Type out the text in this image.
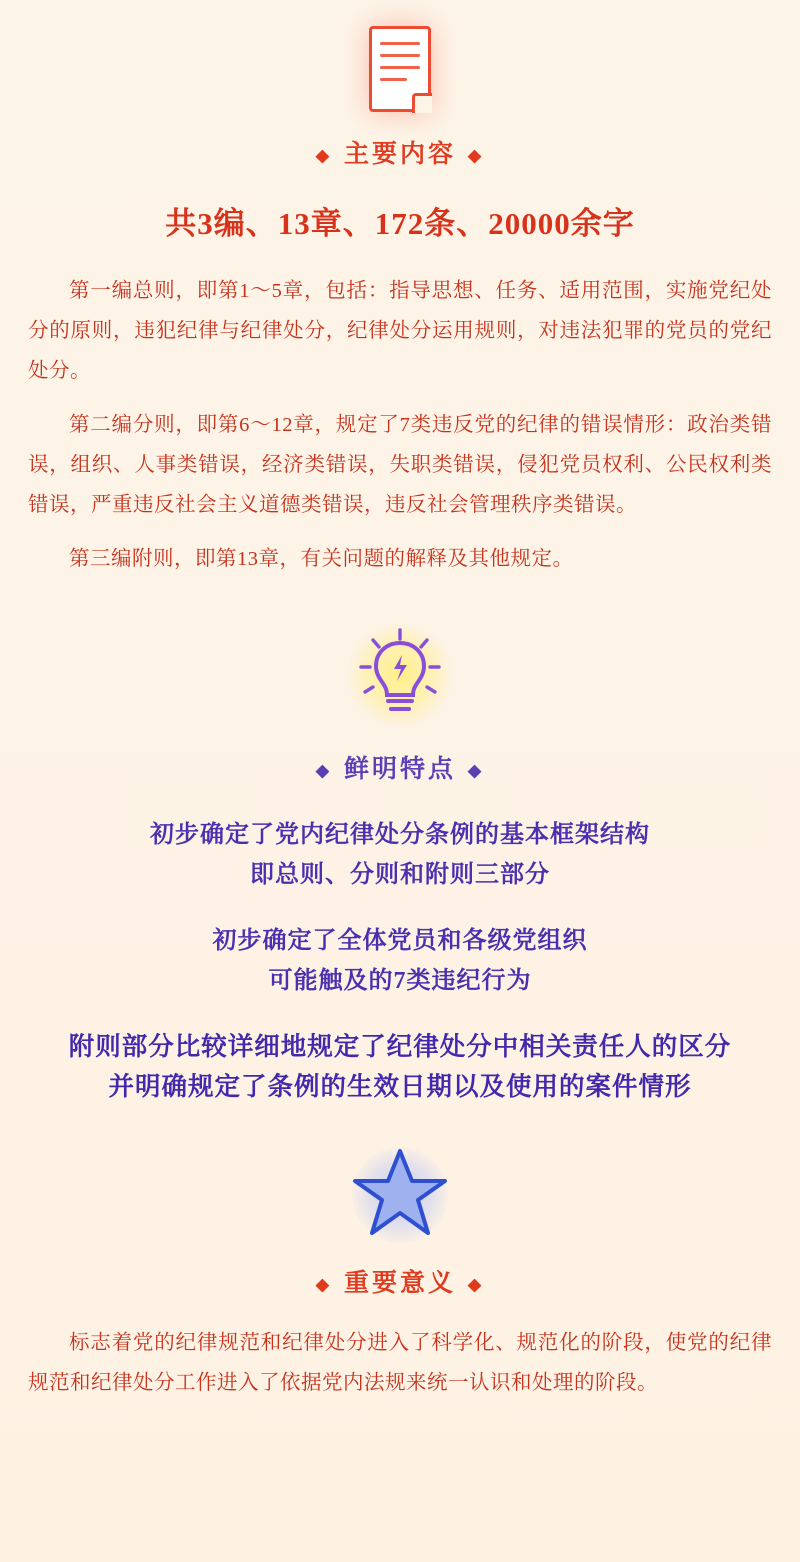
◆ 主要内容 ◆
共3编、13章、172条、20000余字

第一编总则，即第1～5章，包括：指导思想、任务、适用范围，实施党纪处分的原则，违犯纪律与纪律处分，纪律处分运用规则，对违法犯罪的党员的党纪处分。

第二编分则，即第6～12章，规定了7类违反党的纪律的错误情形：政治类错误，组织、人事类错误，经济类错误，失职类错误，侵犯党员权利、公民权利类错误，严重违反社会主义道德类错误，违反社会管理秩序类错误。

第三编附则，即第13章，有关问题的解释及其他规定。

◆ 鲜明特点 ◆
初步确定了党内纪律处分条例的基本框架结构
即总则、分则和附则三部分
初步确定了全体党员和各级党组织
可能触及的7类违纪行为
附则部分比较详细地规定了纪律处分中相关责任人的区分
并明确规定了条例的生效日期以及使用的案件情形
◆ 重要意义 ◆

标志着党的纪律规范和纪律处分进入了科学化、规范化的阶段，使党的纪律规范和纪律处分工作进入了依据党内法规来统一认识和处理的阶段。
